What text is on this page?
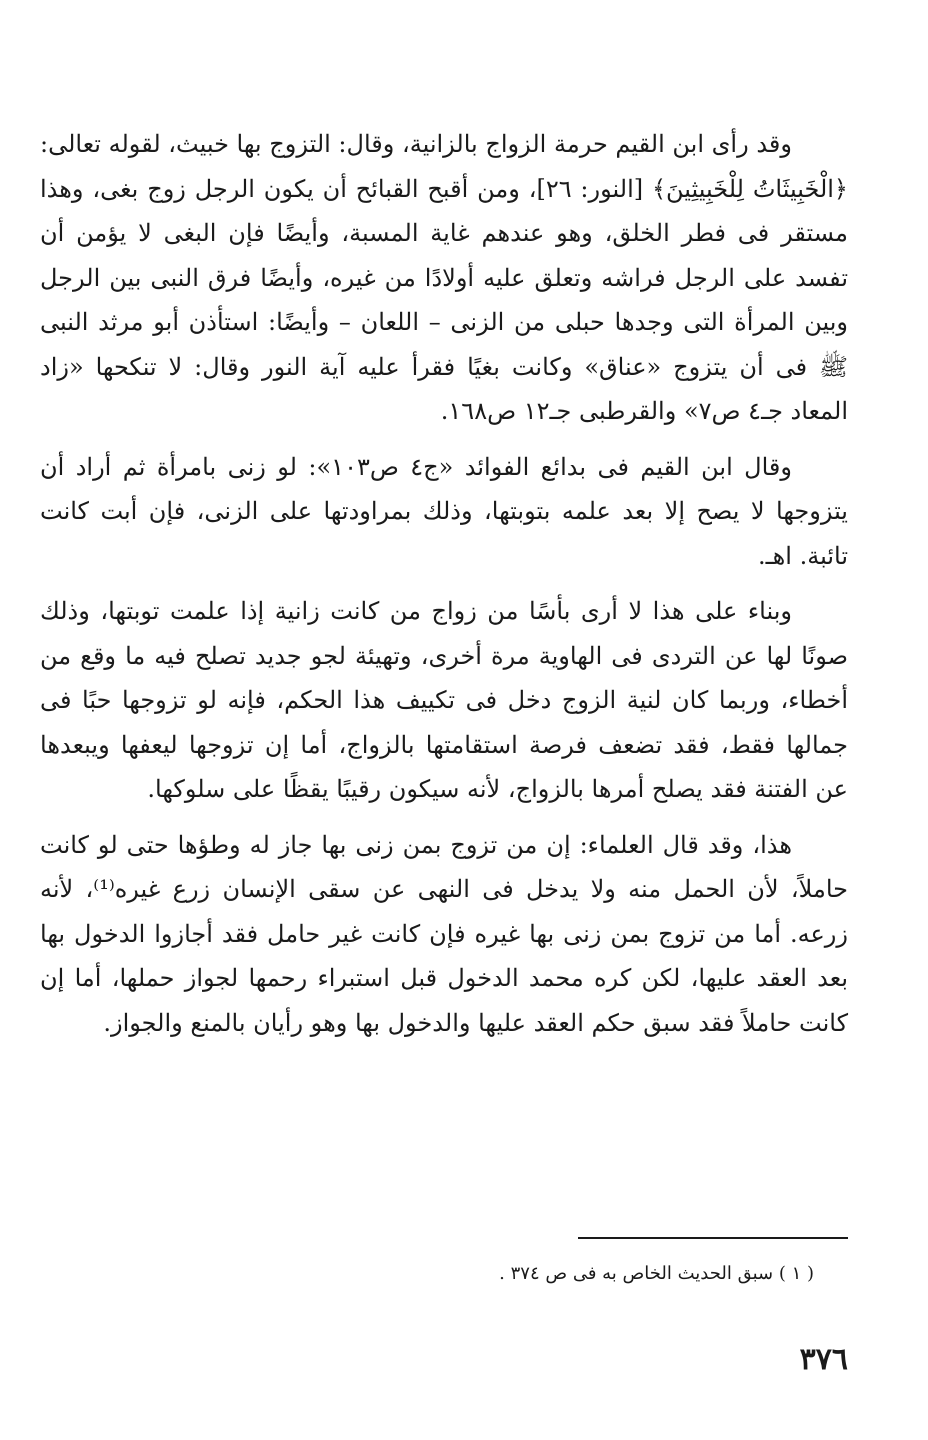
وقد رأى ابن القيم حرمة الزواج بالزانية، وقال: التزوج بها خبيث، لقوله تعالى: ﴿الْخَبِيثَاتُ لِلْخَبِيثِينَ﴾ [النور: ٢٦]، ومن أقبح القبائح أن يكون الرجل زوج بغى، وهذا مستقر فى فطر الخلق، وهو عندهم غاية المسبة، وأيضًا فإن البغى لا يؤمن أن تفسد على الرجل فراشه وتعلق عليه أولادًا من غيره، وأيضًا فرق النبى بين الرجل وبين المرأة التى وجدها حبلى من الزنى – اللعان – وأيضًا: استأذن أبو مرثد النبى ﷺ فى أن يتزوج «عناق» وكانت بغيًا فقرأ عليه آية النور وقال: لا تنكحها «زاد المعاد جـ٤ ص٧» والقرطبى جـ١٢ ص١٦٨.

وقال ابن القيم فى بدائع الفوائد «ج٤ ص١٠٣»: لو زنى بامرأة ثم أراد أن يتزوجها لا يصح إلا بعد علمه بتوبتها، وذلك بمراودتها على الزنى، فإن أبت كانت تائبة. اهـ.

وبناء على هذا لا أرى بأسًا من زواج من كانت زانية إذا علمت توبتها، وذلك صونًا لها عن التردى فى الهاوية مرة أخرى، وتهيئة لجو جديد تصلح فيه ما وقع من أخطاء، وربما كان لنية الزوج دخل فى تكييف هذا الحكم، فإنه لو تزوجها حبًا فى جمالها فقط، فقد تضعف فرصة استقامتها بالزواج، أما إن تزوجها ليعفها ويبعدها عن الفتنة فقد يصلح أمرها بالزواج، لأنه سيكون رقيبًا يقظًا على سلوكها.

هذا، وقد قال العلماء: إن من تزوج بمن زنى بها جاز له وطؤها حتى لو كانت حاملاً، لأن الحمل منه ولا يدخل فى النهى عن سقى الإنسان زرع غيره⁽¹⁾، لأنه زرعه. أما من تزوج بمن زنى بها غيره فإن كانت غير حامل فقد أجازوا الدخول بها بعد العقد عليها، لكن كره محمد الدخول قبل استبراء رحمها لجواز حملها، أما إن كانت حاملاً فقد سبق حكم العقد عليها والدخول بها وهو رأيان بالمنع والجواز.

( ١ ) سبق الحديث الخاص به فى ص ٣٧٤ .
٣٧٦
